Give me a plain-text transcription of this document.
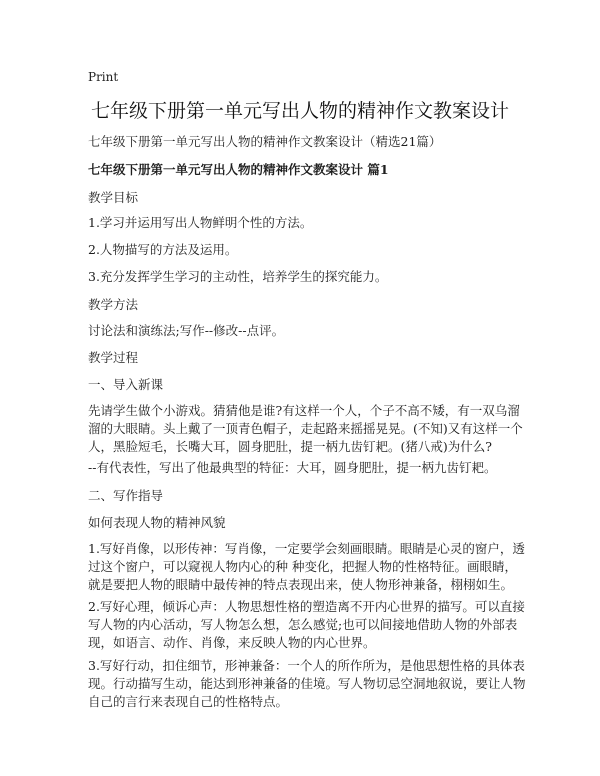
Print
七年级下册第一单元写出人物的精神作文教案设计
七年级下册第一单元写出人物的精神作文教案设计（精选21篇）
七年级下册第一单元写出人物的精神作文教案设计 篇1
教学目标
1.学习并运用写出人物鲜明个性的方法。
2.人物描写的方法及运用。
3.充分发挥学生学习的主动性，培养学生的探究能力。
教学方法
讨论法和演练法;写作--修改--点评。
教学过程
一、导入新课
先请学生做个小游戏。猜猜他是谁?有这样一个人，个子不高不矮，有一双乌溜溜的大眼睛。头上戴了一顶青色帽子，走起路来摇摇晃晃。(不知)又有这样一个人，黑脸短毛，长嘴大耳，圆身肥肚，提一柄九齿钉耙。(猪八戒)为什么?
--有代表性，写出了他最典型的特征：大耳，圆身肥肚，提一柄九齿钉耙。
二、写作指导
如何表现人物的精神风貌
1.写好肖像，以形传神：写肖像，一定要学会刻画眼睛。眼睛是心灵的窗户，透过这个窗户，可以窥视人物内心的种 种变化，把握人物的性格特征。画眼睛，就是要把人物的眼睛中最传神的特点表现出来，使人物形神兼备，栩栩如生。
2.写好心理，倾诉心声：人物思想性格的塑造离不开内心世界的描写。可以直接写人物的内心活动，写人物怎么想，怎么感觉;也可以间接地借助人物的外部表现，如语言、动作、肖像，来反映人物的内心世界。
3.写好行动，扣住细节，形神兼备：一个人的所作所为，是他思想性格的具体表现。行动描写生动，能达到形神兼备的佳境。写人物切忌空洞地叙说，要让人物自己的言行来表现自己的性格特点。
